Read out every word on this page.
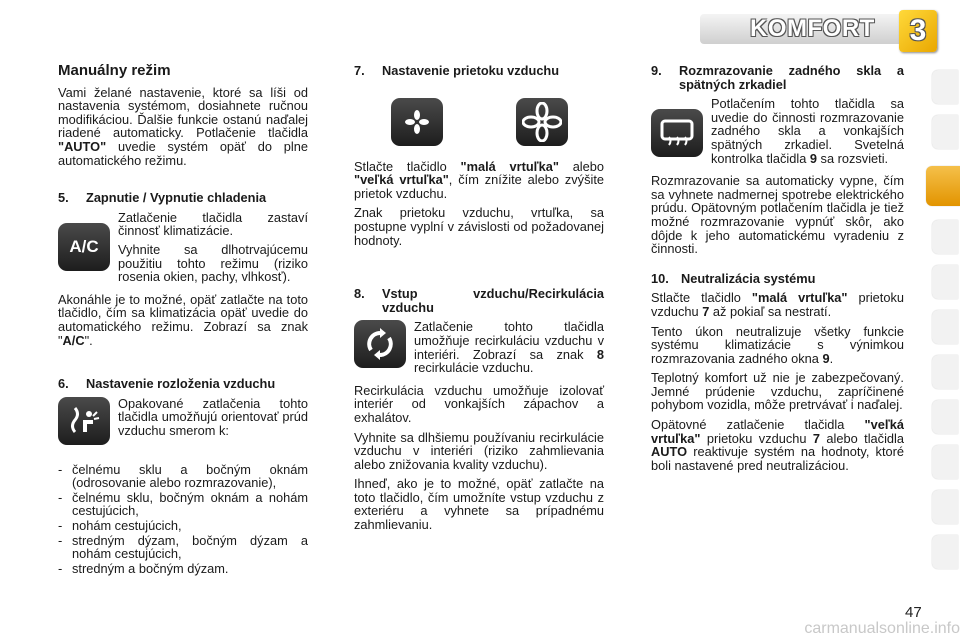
KOMFORT	3
Manuálny režim

Vami želané nastavenie, ktoré sa líši od nastavenia systémom, dosiahnete ručnou modifikáciou. Ďalšie funkcie ostanú naďalej riadené automaticky. Potlačenie tlačidla "AUTO" uvedie systém opäť do plne automatického režimu.

5.	Zapnutie / Vypnutie chladenia
A/C

Zatlačenie tlačidla zastaví činnosť klimatizácie.

Vyhnite sa dlhotrvajúcemu použitiu tohto režimu (riziko rosenia okien, pachy, vlhkosť).

Akonáhle je to možné, opäť zatlačte na toto tlačidlo, čím sa klimatizácia opäť uvedie do automatického režimu. Zobrazí sa znak "A/C".

6.	Nastavenie rozloženia vzduchu

Opakované zatlačenia tohto tlačidla umožňujú orientovať prúd vzduchu smerom k:

- čelnému sklu a bočným oknám (odrosovanie alebo rozmrazovanie),
- čelnému sklu, bočným oknám a nohám cestujúcich,
- nohám cestujúcich,
- stredným dýzam, bočným dýzam a nohám cestujúcich,
- stredným a bočným dýzam.
7.	Nastavenie prietoku vzduchu

Stlačte tlačidlo "malá vrtuľka" alebo "veľká vrtuľka", čím znížite alebo zvýšite prietok vzduchu.

Znak prietoku vzduchu, vrtuľka, sa postupne vyplní v závislosti od požadovanej hodnoty.

8.	Vstup vzduchu/Recirkulácia vzduchu

Zatlačenie tohto tlačidla umožňuje recirkuláciu vzduchu v interiéri. Zobrazí sa znak 8 recirkulácie vzduchu.

Recirkulácia vzduchu umožňuje izolovať interiér od vonkajších zápachov a exhalátov.

Vyhnite sa dlhšiemu používaniu recirkulácie vzduchu v interiéri (riziko zahmlievania alebo znižovania kvality vzduchu).

Ihneď, ako je to možné, opäť zatlačte na toto tlačidlo, čím umožníte vstup vzduchu z exteriéru a vyhnete sa prípadnému zahmlievaniu.

9.	Rozmrazovanie zadného skla a spätných zrkadiel

Potlačením tohto tlačidla sa uvedie do činnosti rozmrazovanie zadného skla a vonkajších spätných zrkadiel. Svetelná kontrolka tlačidla 9 sa rozsvieti.

Rozmrazovanie sa automaticky vypne, čím sa vyhnete nadmernej spotrebe elektrického prúdu. Opätovným potlačením tlačidla je tiež možné rozmrazovanie vypnúť skôr, ako dôjde k jeho automatickému vyradeniu z činnosti.

10. Neutralizácia systému

Stlačte tlačidlo "malá vrtuľka" prietoku vzduchu 7 až pokiaľ sa nestratí.

Tento úkon neutralizuje všetky funkcie systému klimatizácie s výnimkou rozmrazovania zadného okna 9.

Teplotný komfort už nie je zabezpečovaný. Jemné prúdenie vzduchu, zapríčinené pohybom vozidla, môže pretrvávať i naďalej.

Opätovné zatlačenie tlačidla "veľká vrtuľka" prietoku vzduchu 7 alebo tlačidla AUTO reaktivuje systém na hodnoty, ktoré boli nastavené pred neutralizáciou.

47
carmanualsonline.info
